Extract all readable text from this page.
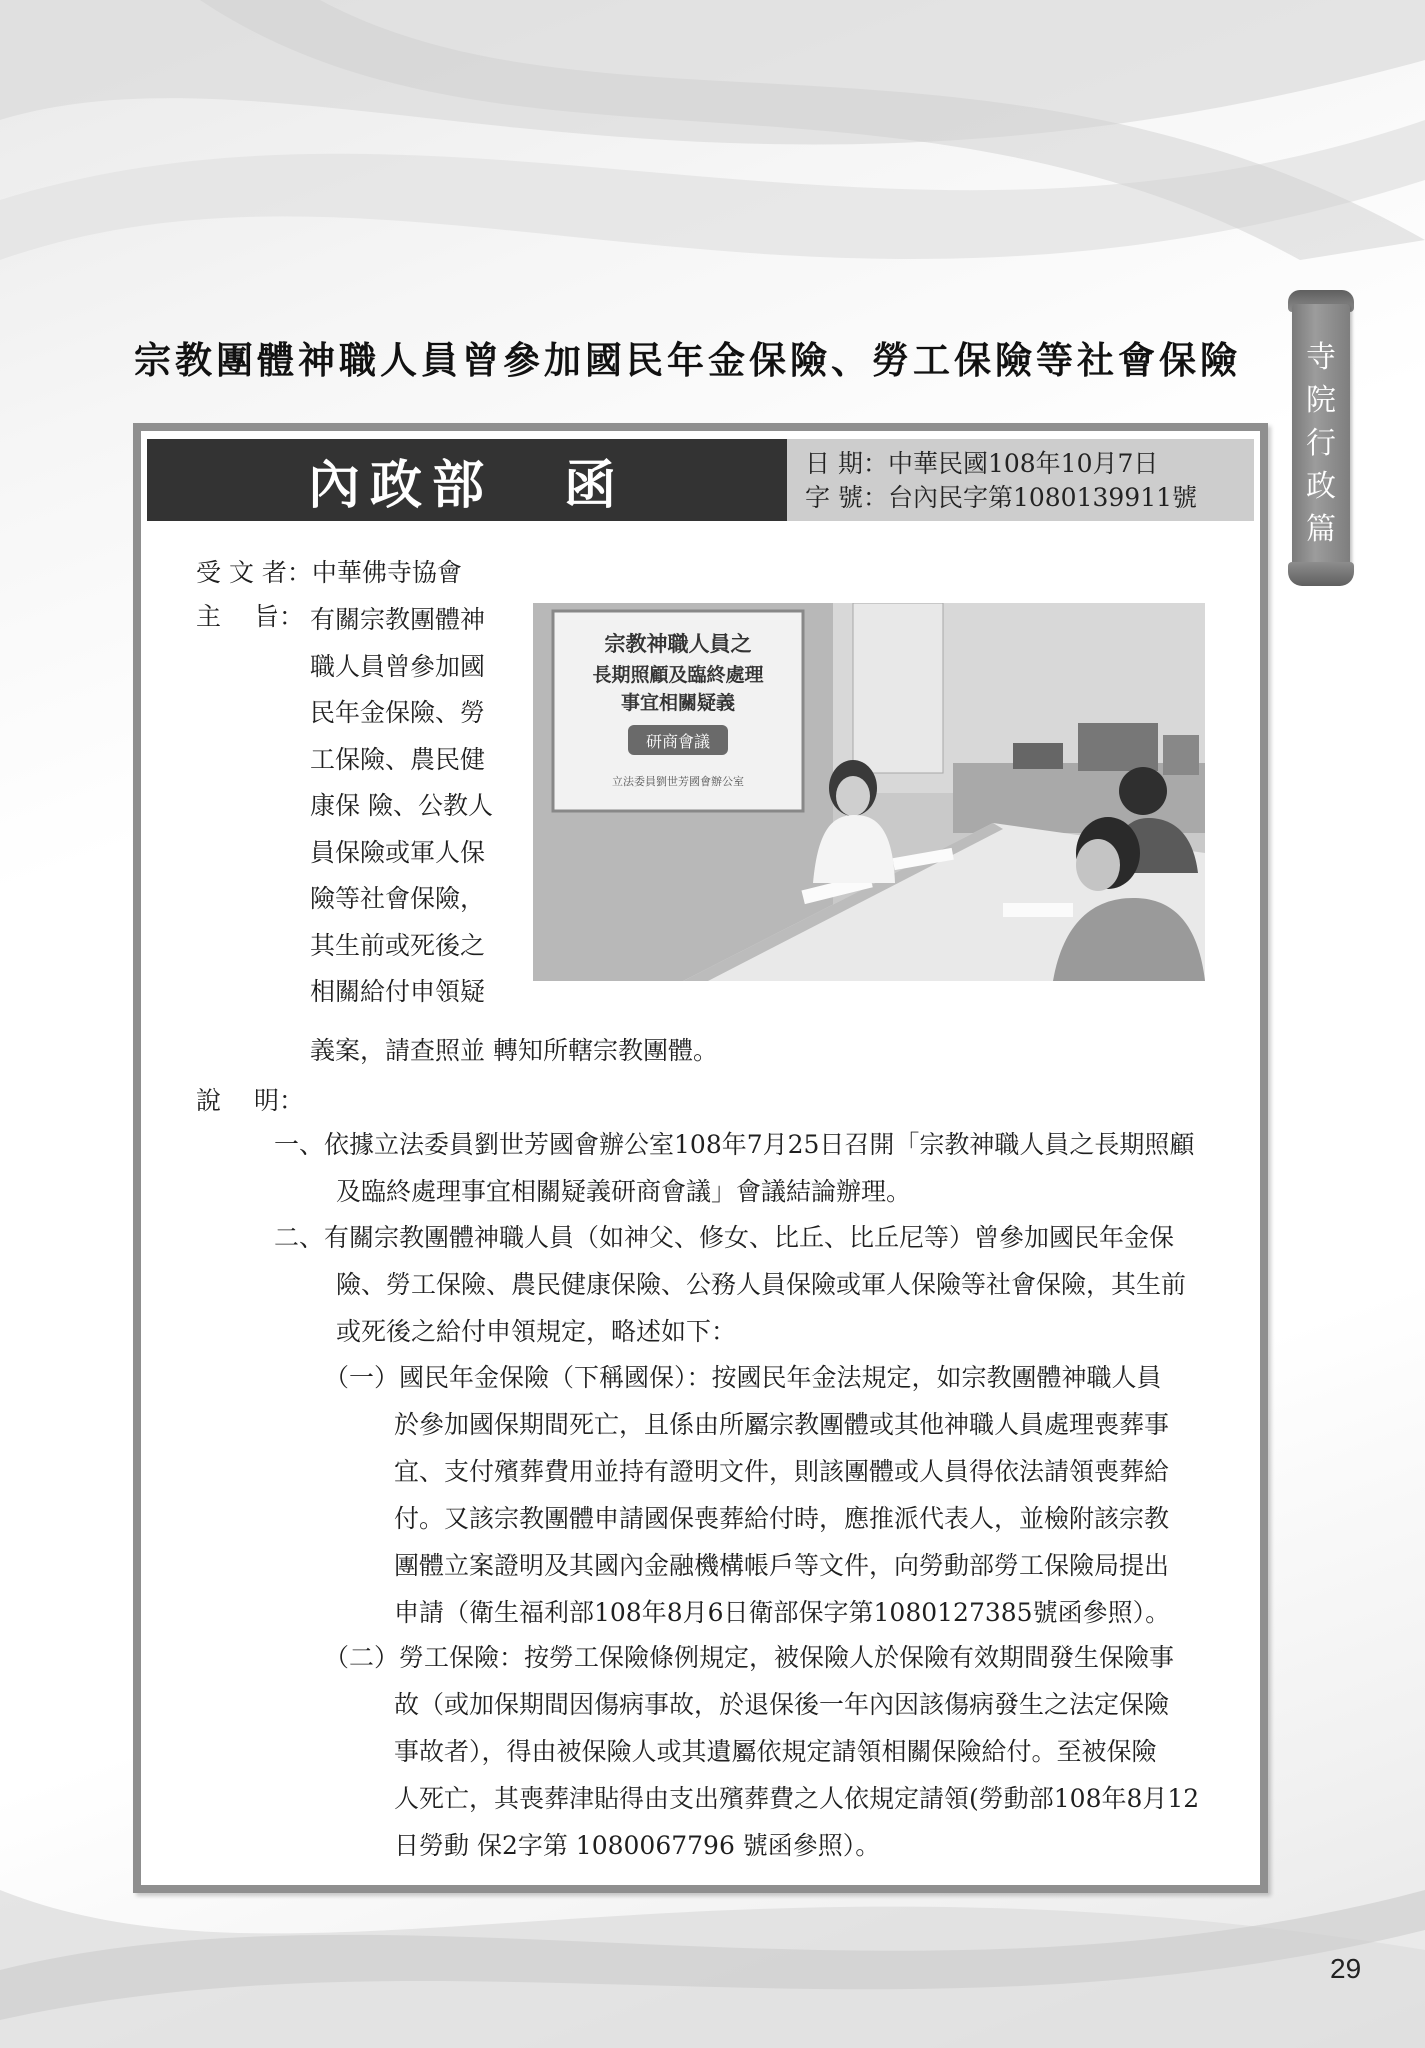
宗教團體神職人員曾參加國民年金保險、勞工保險等社會保險	寺
院
行
政
篇
內政部 函	日 期：中華民國108年10月7日
字 號：台內民字第1080139911號
受 文 者：中華佛寺協會
主　 旨： 有關宗教團體神
職人員曾參加國
民年金保險、勞
工保險、農民健
康保 險、公教人
員保險或軍人保
險等社會保險，
其生前或死後之
相關給付申領疑
義案，請查照並 轉知所轄宗教團體。
宗教神職人員之
長期照顧及臨終處理
事宜相關疑義
研商會議
立法委員劉世芳國會辦公室
說　 明：
一、依據立法委員劉世芳國會辦公室108年7月25日召開「宗教神職人員之長期照顧
及臨終處理事宜相關疑義研商會議」會議結論辦理。
二、有關宗教團體神職人員（如神父、修女、比丘、比丘尼等）曾參加國民年金保
險、勞工保險、農民健康保險、公務人員保險或軍人保險等社會保險，其生前
或死後之給付申領規定，略述如下：
（一）國民年金保險（下稱國保）：按國民年金法規定，如宗教團體神職人員
於參加國保期間死亡，且係由所屬宗教團體或其他神職人員處理喪葬事
宜、支付殯葬費用並持有證明文件，則該團體或人員得依法請領喪葬給
付。又該宗教團體申請國保喪葬給付時，應推派代表人，並檢附該宗教
團體立案證明及其國內金融機構帳戶等文件，向勞動部勞工保險局提出
申請（衛生福利部108年8月6日衛部保字第1080127385號函參照）。
（二）勞工保險：按勞工保險條例規定，被保險人於保險有效期間發生保險事
故（或加保期間因傷病事故，於退保後一年內因該傷病發生之法定保險
事故者），得由被保險人或其遺屬依規定請領相關保險給付。至被保險
人死亡，其喪葬津貼得由支出殯葬費之人依規定請領(勞動部108年8月12
日勞動 保2字第 1080067796 號函參照）。
29
